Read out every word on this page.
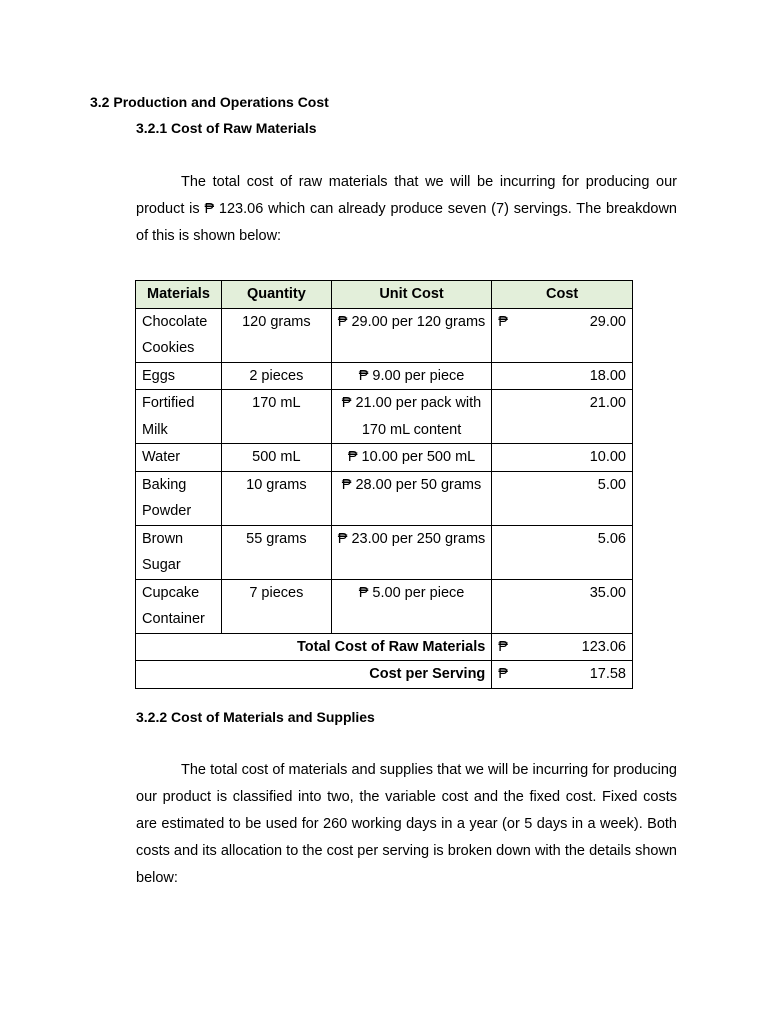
3.2 Production and Operations Cost
3.2.1 Cost of Raw Materials

The total cost of raw materials that we will be incurring for producing our product is ₱ 123.06 which can already produce seven (7) servings. The breakdown of this is shown below:

Materials	Quantity	Unit Cost	Cost
Chocolate Cookies	120 grams	₱ 29.00 per 120 grams	₱ 29.00

Eggs	2 pieces	₱ 9.00 per piece	18.00

Fortified Milk	170 mL	₱ 21.00 per pack with 170 mL content	21.00

Water	500 mL	₱ 10.00 per 500 mL	10.00

Baking Powder	10 grams	₱ 28.00 per 50 grams	5.00

Brown Sugar	55 grams	₱ 23.00 per 250 grams	5.06

Cupcake Container	7 pieces	₱ 5.00 per piece	35.00

Total Cost of Raw Materials			₱ 123.06

Cost per Serving			₱ 17.58
3.2.2 Cost of Materials and Supplies

The total cost of materials and supplies that we will be incurring for producing our product is classified into two, the variable cost and the fixed cost. Fixed costs are estimated to be used for 260 working days in a year (or 5 days in a week). Both costs and its allocation to the cost per serving is broken down with the details shown below:
